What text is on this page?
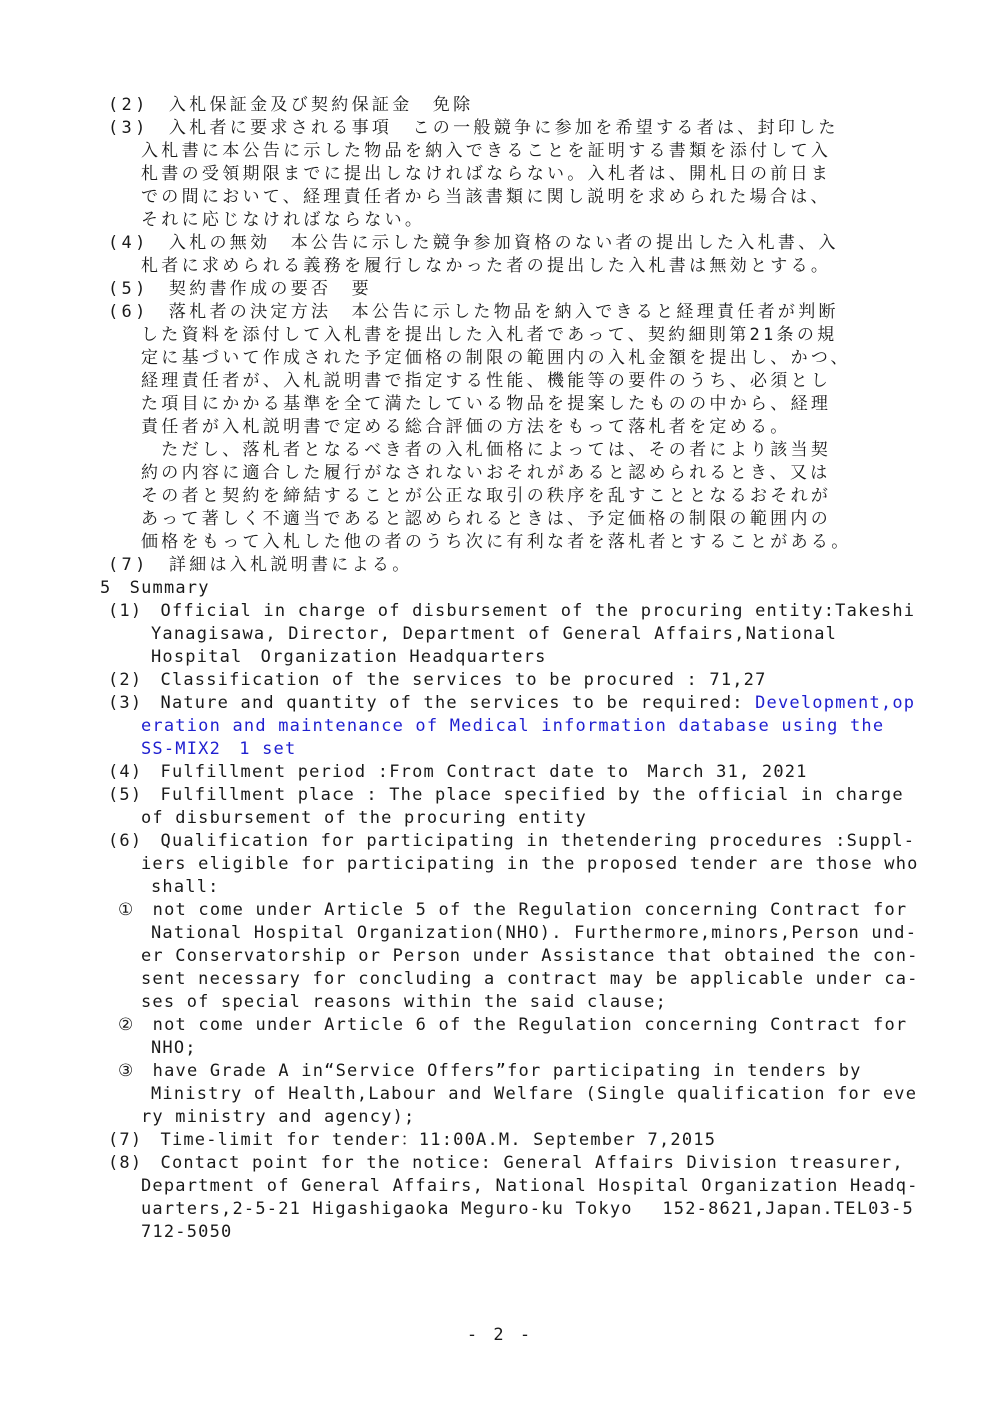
(2)　入札保証金及び契約保証金　免除
(3)　入札者に要求される事項　この一般競争に参加を希望する者は、封印した
入札書に本公告に示した物品を納入できることを証明する書類を添付して入
札書の受領期限までに提出しなければならない。入札者は、開札日の前日ま
での間において、経理責任者から当該書類に関し説明を求められた場合は、
それに応じなければならない。
(4)　入札の無効　本公告に示した競争参加資格のない者の提出した入札書、入
札者に求められる義務を履行しなかった者の提出した入札書は無効とする。
(5)　契約書作成の要否　要
(6)　落札者の決定方法　本公告に示した物品を納入できると経理責任者が判断
した資料を添付して入札書を提出した入札者であって、契約細則第21条の規
定に基づいて作成された予定価格の制限の範囲内の入札金額を提出し、かつ、
経理責任者が、入札説明書で指定する性能、機能等の要件のうち、必須とし
た項目にかかる基準を全て満たしている物品を提案したものの中から、経理
責任者が入札説明書で定める総合評価の方法をもって落札者を定める。
　ただし、落札者となるべき者の入札価格によっては、その者により該当契
約の内容に適合した履行がなされないおそれがあると認められるとき、又は
その者と契約を締結することが公正な取引の秩序を乱すこととなるおそれが
あって著しく不適当であると認められるときは、予定価格の制限の範囲内の
価格をもって入札した他の者のうち次に有利な者を落札者とすることがある。
(7)　詳細は入札説明書による。
5　Summary
(1)　Official in charge of disbursement of the procuring entity:Takeshi
Yanagisawa, Director, Department of General Affairs,National
Hospital　Organization Headquarters
(2)　Classification of the services to be procured : 71,27
(3)　Nature and quantity of the services to be required: Development,op
eration and maintenance of Medical information database using the
SS-MIX2　1 set
(4)　Fulfillment period :From Contract date to　March 31, 2021
(5)　Fulfillment place : The place specified by the official in charge
of disbursement of the procuring entity
(6)　Qualification for participating in thetendering procedures :Suppl-
iers eligible for participating in the proposed tender are those who
shall:
①　not come under Article 5 of the Regulation concerning Contract for
National Hospital Organization(NHO). Furthermore,minors,Person und-
er Conservatorship or Person under Assistance that obtained the con-
sent necessary for concluding a contract may be applicable under ca-
ses of special reasons within the said clause;
②　not come under Article 6 of the Regulation concerning Contract for
NHO;
③　have Grade A in“Service Offers”for participating in tenders by
Ministry of Health,Labour and Welfare (Single qualification for eve
ry ministry and agency);
(7)　Time-limit for tender：11:00A.M. September 7,2015
(8)　Contact point for the notice: General Affairs Division treasurer,
Department of General Affairs, National Hospital Organization Headq-
uarters,2-5-21 Higashigaoka Meguro-ku Tokyo　 152-8621,Japan.TEL03-5
712-5050
- 2 -
